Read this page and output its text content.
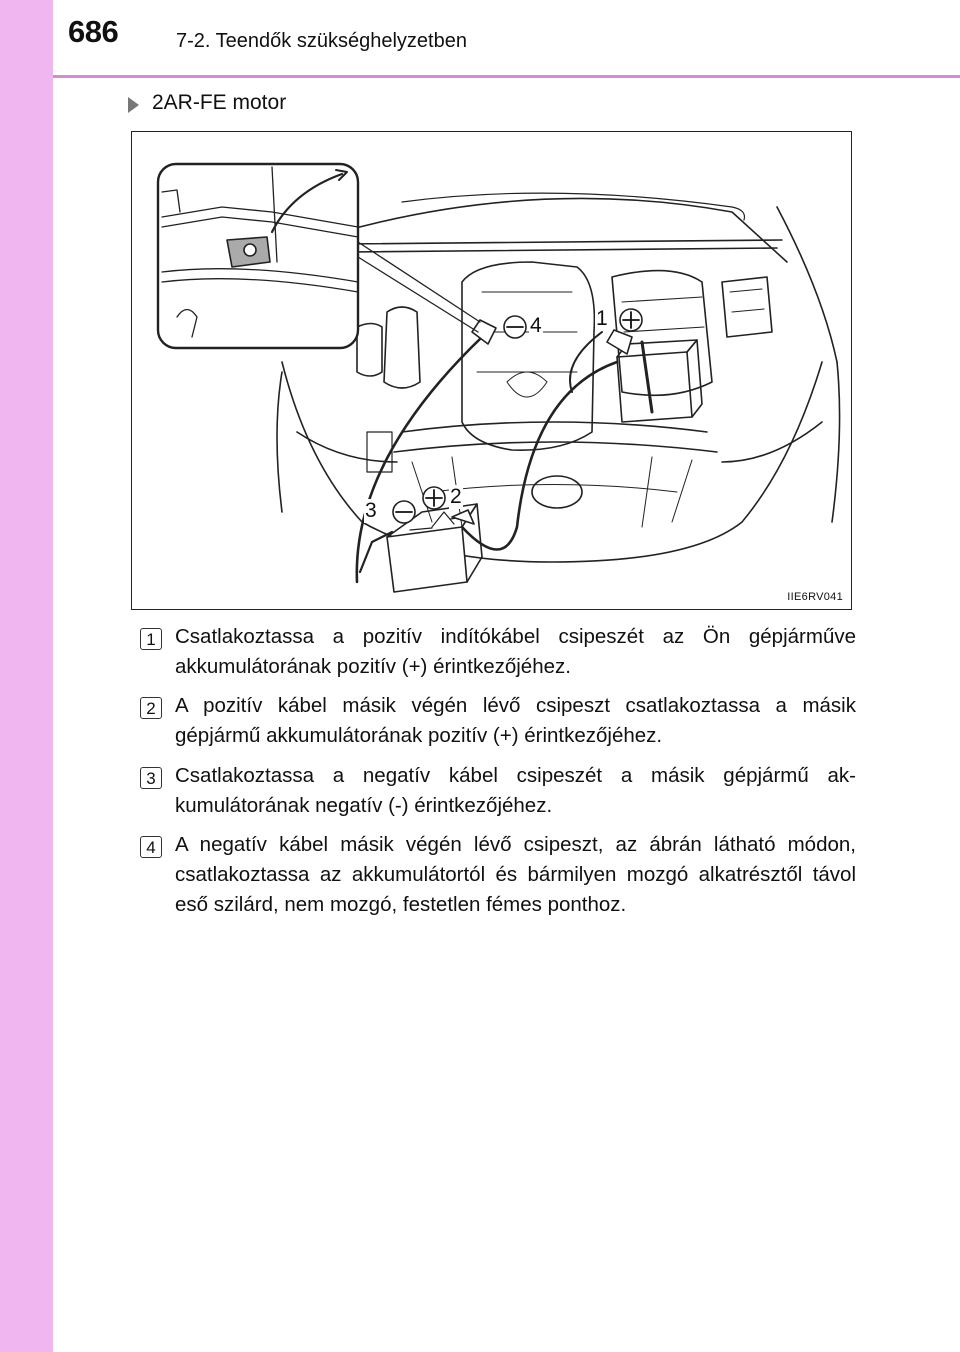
686	7-2. Teendők szükséghelyzetben
2AR-FE motor
4	1
2
3
IIE6RV041
1 Csatlakoztassa a pozitív indítókábel csipeszét az Ön gépjárműve akkumulátorának pozitív (+) érintkezőjéhez.
2 A pozitív kábel másik végén lévő csipeszt csatlakoztassa a másik gépjármű akkumulátorának pozitív (+) érintkezőjéhez.
3 Csatlakoztassa a negatív kábel csipeszét a másik gépjármű akkumulátorának negatív (-) érintkezőjéhez.
4 A negatív kábel másik végén lévő csipeszt, az ábrán látható módon, csatlakoztassa az akkumulátortól és bármilyen mozgó alkatrésztől távol eső szilárd, nem mozgó, festetlen fémes ponthoz.
